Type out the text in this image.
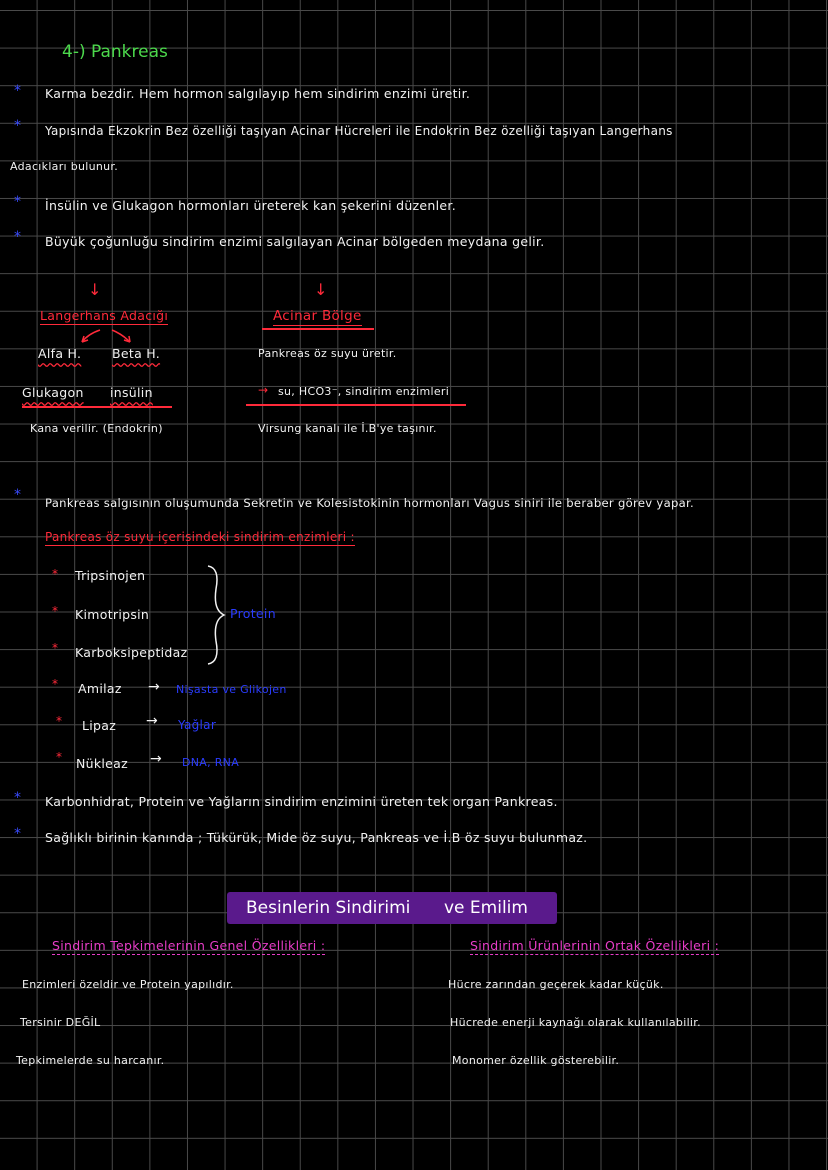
4-) Pankreas
* Karma bezdir. Hem hormon salgılayıp hem sindirim enzimi üretir.
* Yapısında Ekzokrin Bez özelliği taşıyan Acinar Hücreleri ile Endokrin Bez özelliği taşıyan Langerhans
Adacıkları bulunur.
* İnsülin ve Glukagon hormonları üreterek kan şekerini düzenler.
* Büyük çoğunluğu sindirim enzimi salgılayan Acinar bölgeden meydana gelir.
↓
Langerhans Adacığı
Alfa H. Beta H.
Glukagon insülin
Kana verilir. (Endokrin)
↓
Acinar Bölge
Pankreas öz suyu üretir.
→ su, HCO3⁻, sindirim enzimleri
Virsung kanalı ile İ.B'ye taşınır.
* Pankreas salgısının oluşumunda Sekretin ve Kolesistokinin hormonları Vagus siniri ile beraber görev yapar.
Pankreas öz suyu içerisindeki sindirim enzimleri :
* Tripsinojen
* Kimotripsin
* Karboksipeptidaz
Protein
* Amilaz → Nişasta ve Glikojen
* Lipaz → Yağlar
* Nükleaz → DNA, RNA
* Karbonhidrat, Protein ve Yağların sindirim enzimini üreten tek organ Pankreas.
* Sağlıklı birinin kanında ; Tükürük, Mide öz suyu, Pankreas ve İ.B öz suyu bulunmaz.
Besinlerin Sindirimi ve Emilim
Sindirim Tepkimelerinin Genel Özellikleri :
Enzimleri özeldir ve Protein yapılıdır.
Tersinir DEĞİL
Tepkimelerde su harcanır.
Sindirim Ürünlerinin Ortak Özellikleri :
Hücre zarından geçerek kadar küçük.
Hücrede enerji kaynağı olarak kullanılabilir.
Monomer özellik gösterebilir.
